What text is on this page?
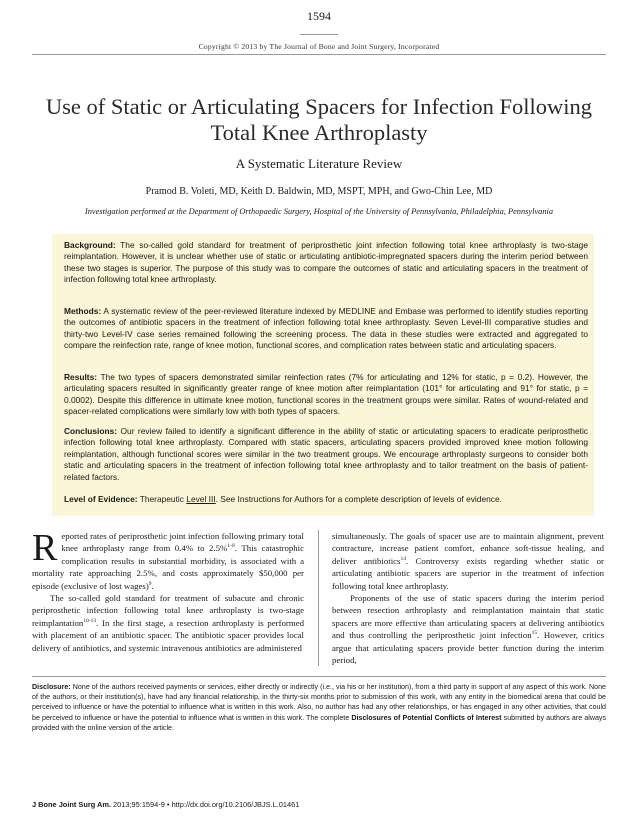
1594
Copyright © 2013 by The Journal of Bone and Joint Surgery, Incorporated
Use of Static or Articulating Spacers for Infection Following Total Knee Arthroplasty
A Systematic Literature Review
Pramod B. Voleti, MD, Keith D. Baldwin, MD, MSPT, MPH, and Gwo-Chin Lee, MD
Investigation performed at the Department of Orthopaedic Surgery, Hospital of the University of Pennsylvania, Philadelphia, Pennsylvania
Background: The so-called gold standard for treatment of periprosthetic joint infection following total knee arthroplasty is two-stage reimplantation. However, it is unclear whether use of static or articulating antibiotic-impregnated spacers during the interim period between these two stages is superior. The purpose of this study was to compare the outcomes of static and articulating spacers in the treatment of infection following total knee arthroplasty.
Methods: A systematic review of the peer-reviewed literature indexed by MEDLINE and Embase was performed to identify studies reporting the outcomes of antibiotic spacers in the treatment of infection following total knee arthroplasty. Seven Level-III comparative studies and thirty-two Level-IV case series remained following the screening process. The data in these studies were extracted and aggregated to compare the reinfection rate, range of knee motion, functional scores, and complication rates between static and articulating spacers.
Results: The two types of spacers demonstrated similar reinfection rates (7% for articulating and 12% for static, p = 0.2). However, the articulating spacers resulted in significantly greater range of knee motion after reimplantation (101° for articulating and 91° for static, p = 0.0002). Despite this difference in ultimate knee motion, functional scores in the treatment groups were similar. Rates of wound-related and spacer-related complications were similarly low with both types of spacers.
Conclusions: Our review failed to identify a significant difference in the ability of static or articulating spacers to eradicate periprosthetic infection following total knee arthroplasty. Compared with static spacers, articulating spacers provided improved knee motion following reimplantation, although functional scores were similar in the two treatment groups. We encourage arthroplasty surgeons to consider both static and articulating spacers in the treatment of infection following total knee arthroplasty and to tailor treatment on the basis of patient-related factors.
Level of Evidence: Therapeutic Level III. See Instructions for Authors for a complete description of levels of evidence.

Reported rates of periprosthetic joint infection following primary total knee arthroplasty range from 0.4% to 2.5%$^{1-8}$. This catastrophic complication results in substantial morbidity, is associated with a mortality rate approaching 2.5%, and costs approximately $50,000 per episode (exclusive of lost wages)$^9$.

The so-called gold standard for treatment of subacute and chronic periprosthetic infection following total knee arthroplasty is two-stage reimplantation$^{10-13}$. In the first stage, a resection arthroplasty is performed with placement of an antibiotic spacer. The antibiotic spacer provides local delivery of antibiotics, and systemic intravenous antibiotics are administered

simultaneously. The goals of spacer use are to maintain alignment, prevent contracture, increase patient comfort, enhance soft-tissue healing, and deliver antibiotics$^{14}$. Controversy exists regarding whether static or articulating antibiotic spacers are superior in the treatment of infection following total knee arthroplasty.

Proponents of the use of static spacers during the interim period between resection arthroplasty and reimplantation maintain that static spacers are more effective than articulating spacers at delivering antibiotics and thus controlling the periprosthetic joint infection$^{15}$. However, critics argue that articulating spacers provide better function during the interim period,

Disclosure: None of the authors received payments or services, either directly or indirectly (i.e., via his or her institution), from a third party in support of any aspect of this work. None of the authors, or their institution(s), have had any financial relationship, in the thirty-six months prior to submission of this work, with any entity in the biomedical arena that could be perceived to influence or have the potential to influence what is written in this work. Also, no author has had any other relationships, or has engaged in any other activities, that could be perceived to influence or have the potential to influence what is written in this work. The complete Disclosures of Potential Conflicts of Interest submitted by authors are always provided with the online version of the article.
J Bone Joint Surg Am. 2013;95:1594-9 • http://dx.doi.org/10.2106/JBJS.L.01461
